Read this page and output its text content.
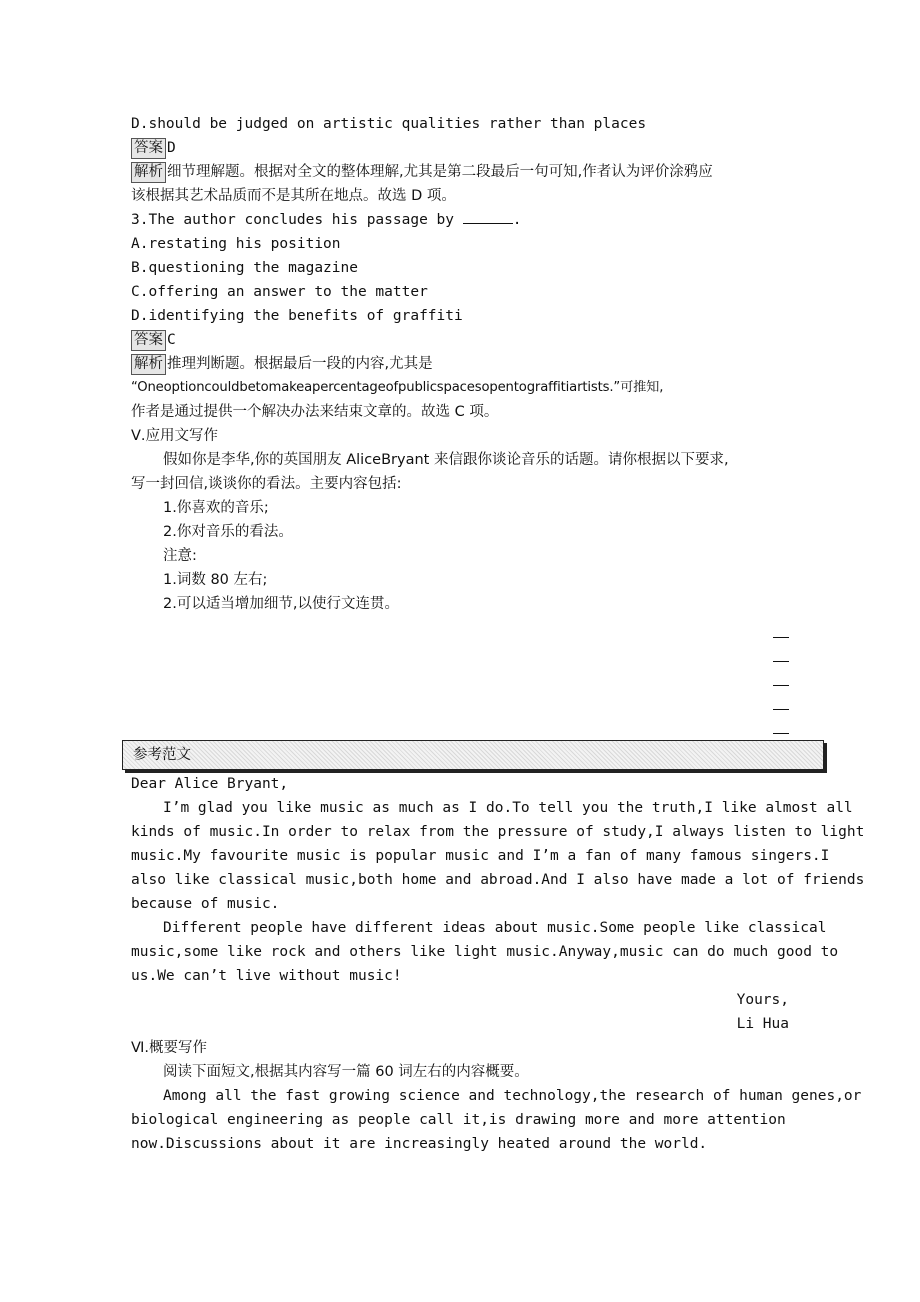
D.should be judged on artistic qualities rather than places
答案 D
解析 细节理解题。根据对全文的整体理解,尤其是第二段最后一句可知,作者认为评价涂鸦应
该根据其艺术品质而不是其所在地点。故选 D 项。
3.The author concludes his passage by	.
A.restating his position
B.questioning the magazine
C.offering an answer to the matter
D.identifying the benefits of graffiti
答案 C
解析 推理判断题。根据最后一段的内容,尤其是
“Oneoptioncouldbetomakeapercentageofpublicspacesopentograffitiartists.”可推知,
作者是通过提供一个解决办法来结束文章的。故选 C 项。
Ⅴ.应用文写作
假如你是李华,你的英国朋友 AliceBryant 来信跟你谈论音乐的话题。请你根据以下要求,
写一封回信,谈谈你的看法。主要内容包括:
1.你喜欢的音乐;
2.你对音乐的看法。
注意:
1.词数 80 左右;
2.可以适当增加细节,以使行文连贯。
参考范文
Dear Alice Bryant,
I’m glad you like music as much as I do.To tell you the truth,I like almost all
kinds of music.In order to relax from the pressure of study,I always listen to light
music.My favourite music is popular music and I’m a fan of many famous singers.I
also like classical music,both home and abroad.And I also have made a lot of friends
because of music.
Different people have different ideas about music.Some people like classical
music,some like rock and others like light music.Anyway,music can do much good to
us.We can’t live without music!
Yours,
Li Hua
Ⅵ.概要写作
阅读下面短文,根据其内容写一篇 60 词左右的内容概要。
Among all the fast growing science and technology,the research of human genes,or
biological engineering as people call it,is drawing more and more attention
now.Discussions about it are increasingly heated around the world.
